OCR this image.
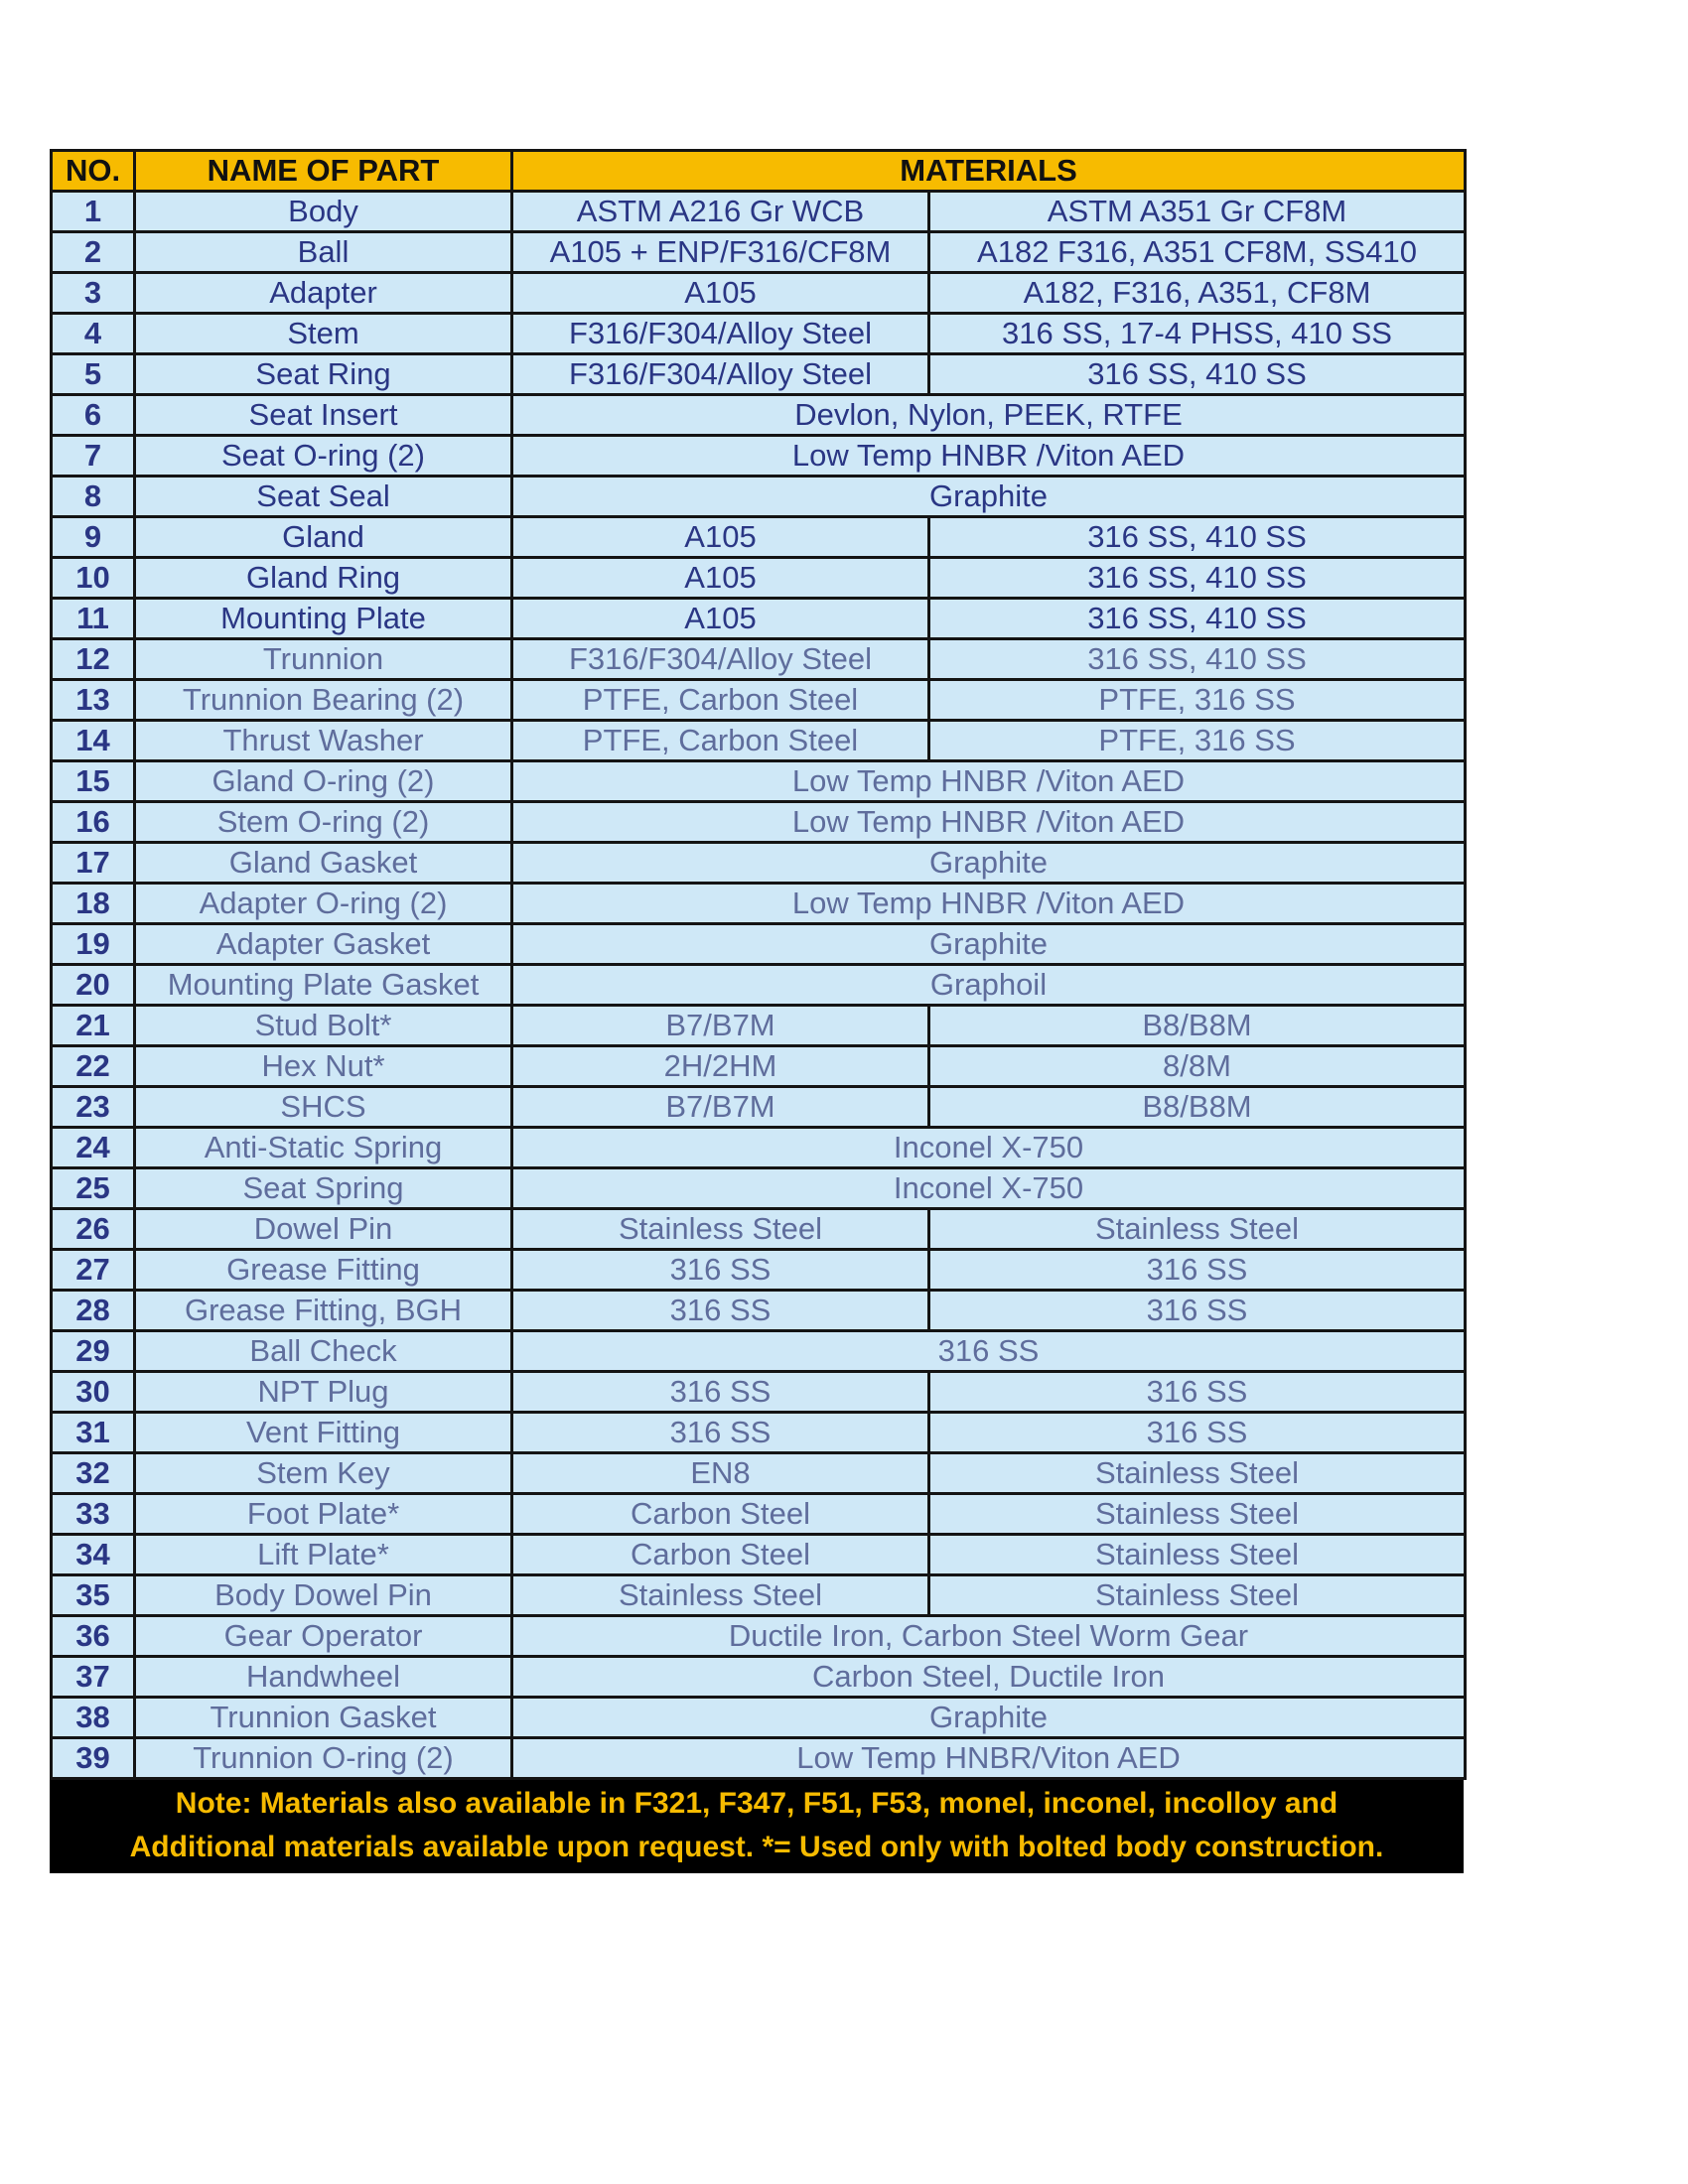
NO.	NAME OF PART	MATERIALS	
1	Body	ASTM A216 Gr WCB	ASTM A351 Gr CF8M
2	Ball	A105 + ENP/F316/CF8M	A182 F316, A351 CF8M, SS410
3	Adapter	A105	A182, F316, A351, CF8M
4	Stem	F316/F304/Alloy Steel	316 SS, 17-4 PHSS, 410 SS
5	Seat Ring	F316/F304/Alloy Steel	316 SS, 410 SS
6	Seat Insert	Devlon, Nylon, PEEK, RTFE	
7	Seat O-ring (2)	Low Temp HNBR /Viton AED	
8	Seat Seal	Graphite	
9	Gland	A105	316 SS, 410 SS
10	Gland Ring	A105	316 SS, 410 SS
11	Mounting Plate	A105	316 SS, 410 SS
12	Trunnion	F316/F304/Alloy Steel	316 SS, 410 SS
13	Trunnion Bearing (2)	PTFE, Carbon Steel	PTFE, 316 SS
14	Thrust Washer	PTFE, Carbon Steel	PTFE, 316 SS
15	Gland O-ring (2)	Low Temp HNBR /Viton AED	
16	Stem O-ring (2)	Low Temp HNBR /Viton AED	
17	Gland Gasket	Graphite	
18	Adapter O-ring (2)	Low Temp HNBR /Viton AED	
19	Adapter Gasket	Graphite	
20	Mounting Plate Gasket	Graphoil	
21	Stud Bolt*	B7/B7M	B8/B8M
22	Hex Nut*	2H/2HM	8/8M
23	SHCS	B7/B7M	B8/B8M
24	Anti-Static Spring	Inconel X-750	
25	Seat Spring	Inconel X-750	
26	Dowel Pin	Stainless Steel	Stainless Steel
27	Grease Fitting	316 SS	316 SS
28	Grease Fitting, BGH	316 SS	316 SS
29	Ball Check	316 SS	
30	NPT Plug	316 SS	316 SS
31	Vent Fitting	316 SS	316 SS
32	Stem Key	EN8	Stainless Steel
33	Foot Plate*	Carbon Steel	Stainless Steel
34	Lift Plate*	Carbon Steel	Stainless Steel
35	Body Dowel Pin	Stainless Steel	Stainless Steel
36	Gear Operator	Ductile Iron, Carbon Steel Worm Gear	
37	Handwheel	Carbon Steel, Ductile Iron	
38	Trunnion Gasket	Graphite	
39	Trunnion O-ring (2)	Low Temp HNBR/Viton AED	
Note: Materials also available in F321, F347, F51, F53, monel, inconel, incolloy and
Additional materials available upon request. *= Used only with bolted body construction.
